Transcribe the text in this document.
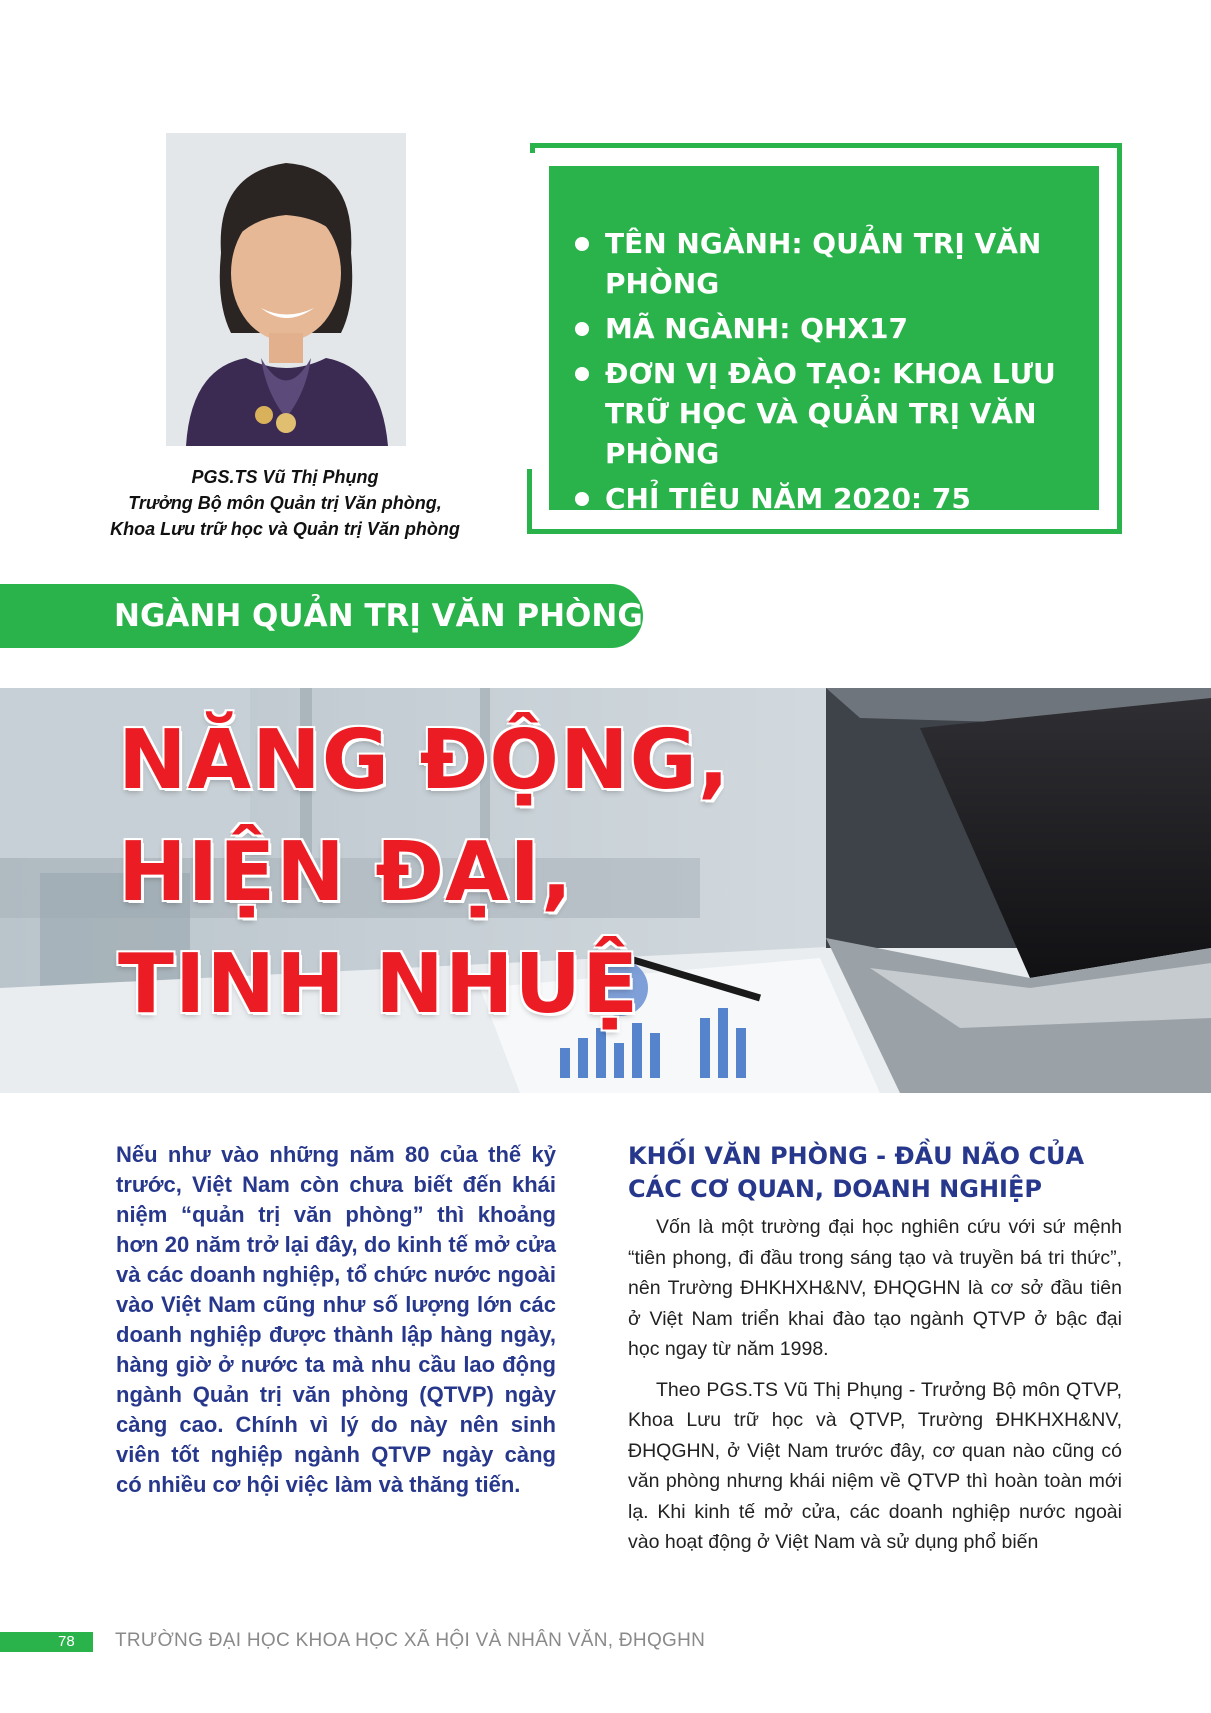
PGS.TS Vũ Thị Phụng
Trưởng Bộ môn Quản trị Văn phòng,
Khoa Lưu trữ học và Quản trị Văn phòng
TÊN NGÀNH: QUẢN TRỊ VĂN PHÒNG
MÃ NGÀNH: QHX17
ĐƠN VỊ ĐÀO TẠO: KHOA LƯU TRỮ HỌC VÀ QUẢN TRỊ VĂN PHÒNG
CHỈ TIÊU NĂM 2020: 75
NGÀNH QUẢN TRỊ VĂN PHÒNG
NĂNG ĐỘNG,
HIỆN ĐẠI,
TINH NHUỆ
Nếu như vào những năm 80 của thế kỷ trước, Việt Nam còn chưa biết đến khái niệm “quản trị văn phòng” thì khoảng hơn 20 năm trở lại đây, do kinh tế mở cửa và các doanh nghiệp, tổ chức nước ngoài vào Việt Nam cũng như số lượng lớn các doanh nghiệp được thành lập hàng ngày, hàng giờ ở nước ta mà nhu cầu lao động ngành Quản trị văn phòng (QTVP) ngày càng cao. Chính vì lý do này nên sinh viên tốt nghiệp ngành QTVP ngày càng có nhiều cơ hội việc làm và thăng tiến.
KHỐI VĂN PHÒNG - ĐẦU NÃO CỦA CÁC CƠ QUAN, DOANH NGHIỆP

Vốn là một trường đại học nghiên cứu với sứ mệnh “tiên phong, đi đầu trong sáng tạo và truyền bá tri thức”, nên Trường ĐHKHXH&NV, ĐHQGHN là cơ sở đầu tiên ở Việt Nam triển khai đào tạo ngành QTVP ở bậc đại học ngay từ năm 1998.

Theo PGS.TS Vũ Thị Phụng - Trưởng Bộ môn QTVP, Khoa Lưu trữ học và QTVP, Trường ĐHKHXH&NV, ĐHQGHN, ở Việt Nam trước đây, cơ quan nào cũng có văn phòng nhưng khái niệm về QTVP thì hoàn toàn mới lạ. Khi kinh tế mở cửa, các doanh nghiệp nước ngoài vào hoạt động ở Việt Nam và sử dụng phổ biến

78	TRƯỜNG ĐẠI HỌC KHOA HỌC XÃ HỘI VÀ NHÂN VĂN, ĐHQGHN
